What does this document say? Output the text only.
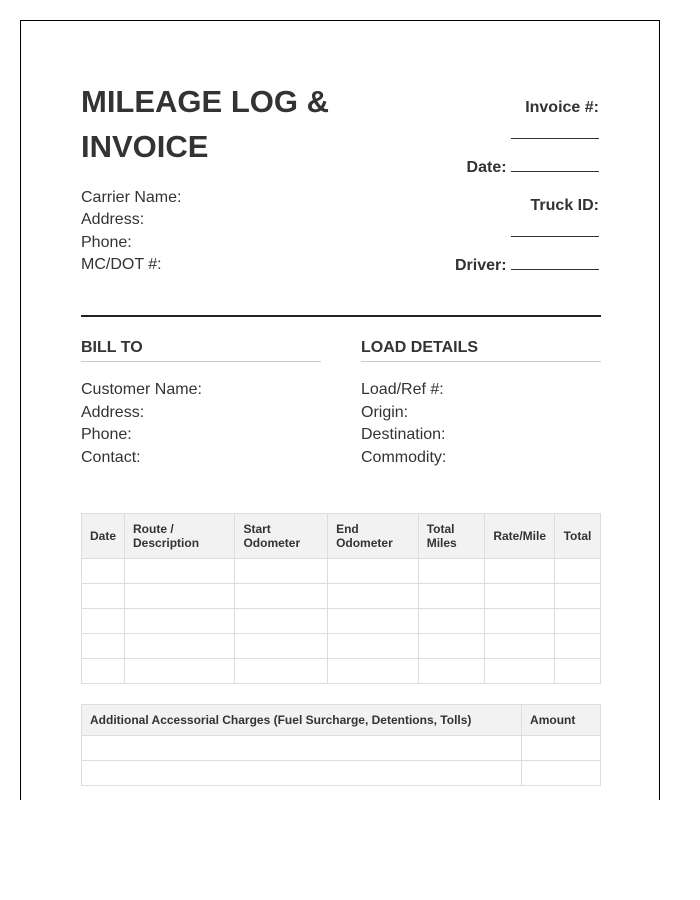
MILEAGE LOG & INVOICE
Carrier Name:
Address:
Phone:
MC/DOT #:
Invoice #:
Date:
Truck ID:
Driver:
BILL TO
Customer Name:
Address:
Phone:
Contact:
LOAD DETAILS
Load/Ref #:
Origin:
Destination:
Commodity:
Date	Route / Description	Start Odometer	End Odometer	Total Miles	Rate/Mile	Total

Additional Accessorial Charges (Fuel Surcharge, Detentions, Tolls)	Amount
